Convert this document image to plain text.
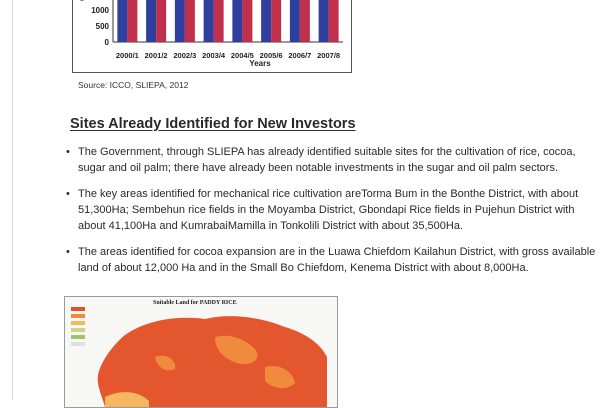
0
500
1000
2000/1 2001/2 2002/3 2003/4 2004/5 2005/6 2006/7 2007/8
Years
Source: ICCO, SLIEPA, 2012
Sites Already Identified for New Investors
• The Government, through SLIEPA has already identified suitable sites for the cultivation of rice, cocoa, sugar and oil palm; there have already been notable investments in the sugar and oil palm sectors.
• The key areas identified for mechanical rice cultivation areTorma Bum in the Bonthe District, with about 51,300Ha; Sembehun rice fields in the Moyamba District, Gbondapi Rice fields in Pujehun District with about 41,100Ha and KumrabaiMamilla in Tonkolili District with about 35,500Ha.
• The areas identified for cocoa expansion are in the Luawa Chiefdom Kailahun District, with gross available land of about 12,000 Ha and in the Small Bo Chiefdom, Kenema District with about 8,000Ha.
Suitable Land for PADDY RICE
